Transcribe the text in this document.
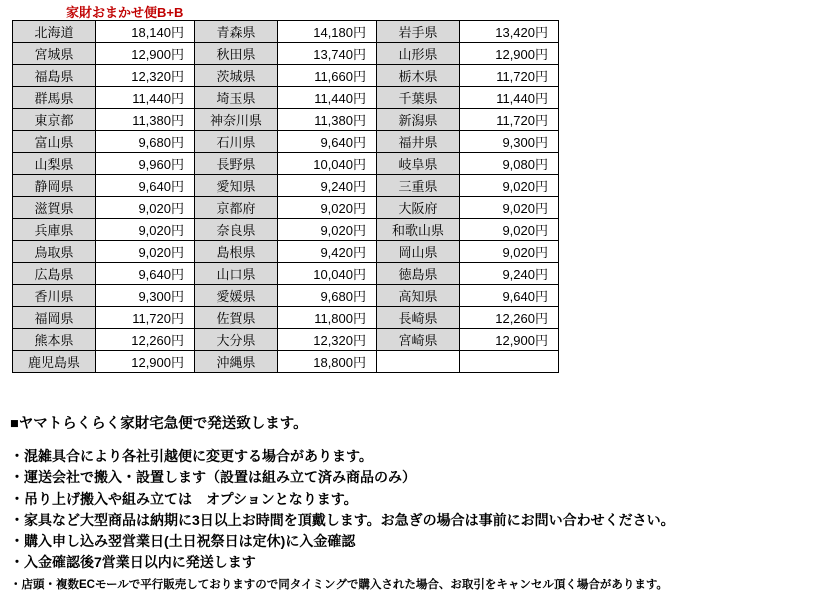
家財おまかせ便B+B
北海道	18,140円	青森県	14,180円	岩手県	13,420円
宮城県	12,900円	秋田県	13,740円	山形県	12,900円
福島県	12,320円	茨城県	11,660円	栃木県	11,720円
群馬県	11,440円	埼玉県	11,440円	千葉県	11,440円
東京都	11,380円	神奈川県	11,380円	新潟県	11,720円
富山県	9,680円	石川県	9,640円	福井県	9,300円
山梨県	9,960円	長野県	10,040円	岐阜県	9,080円
静岡県	9,640円	愛知県	9,240円	三重県	9,020円
滋賀県	9,020円	京都府	9,020円	大阪府	9,020円
兵庫県	9,020円	奈良県	9,020円	和歌山県	9,020円
鳥取県	9,020円	島根県	9,420円	岡山県	9,020円
広島県	9,640円	山口県	10,040円	徳島県	9,240円
香川県	9,300円	愛媛県	9,680円	高知県	9,640円
福岡県	11,720円	佐賀県	11,800円	長崎県	12,260円
熊本県	12,260円	大分県	12,320円	宮崎県	12,900円
鹿児島県	12,900円	沖縄県	18,800円		
■ヤマトらくらく家財宅急便で発送致します。
・混雑具合により各社引越便に変更する場合があります。
・運送会社で搬入・設置します（設置は組み立て済み商品のみ）
・吊り上げ搬入や組み立ては　オプションとなります。
・家具など大型商品は納期に3日以上お時間を頂戴します。お急ぎの場合は事前にお問い合わせください。
・購入申し込み翌営業日(土日祝祭日は定休)に入金確認
・入金確認後7営業日以内に発送します
・店頭・複数ECモールで平行販売しておりますので同タイミングで購入された場合、お取引をキャンセル頂く場合があります。
